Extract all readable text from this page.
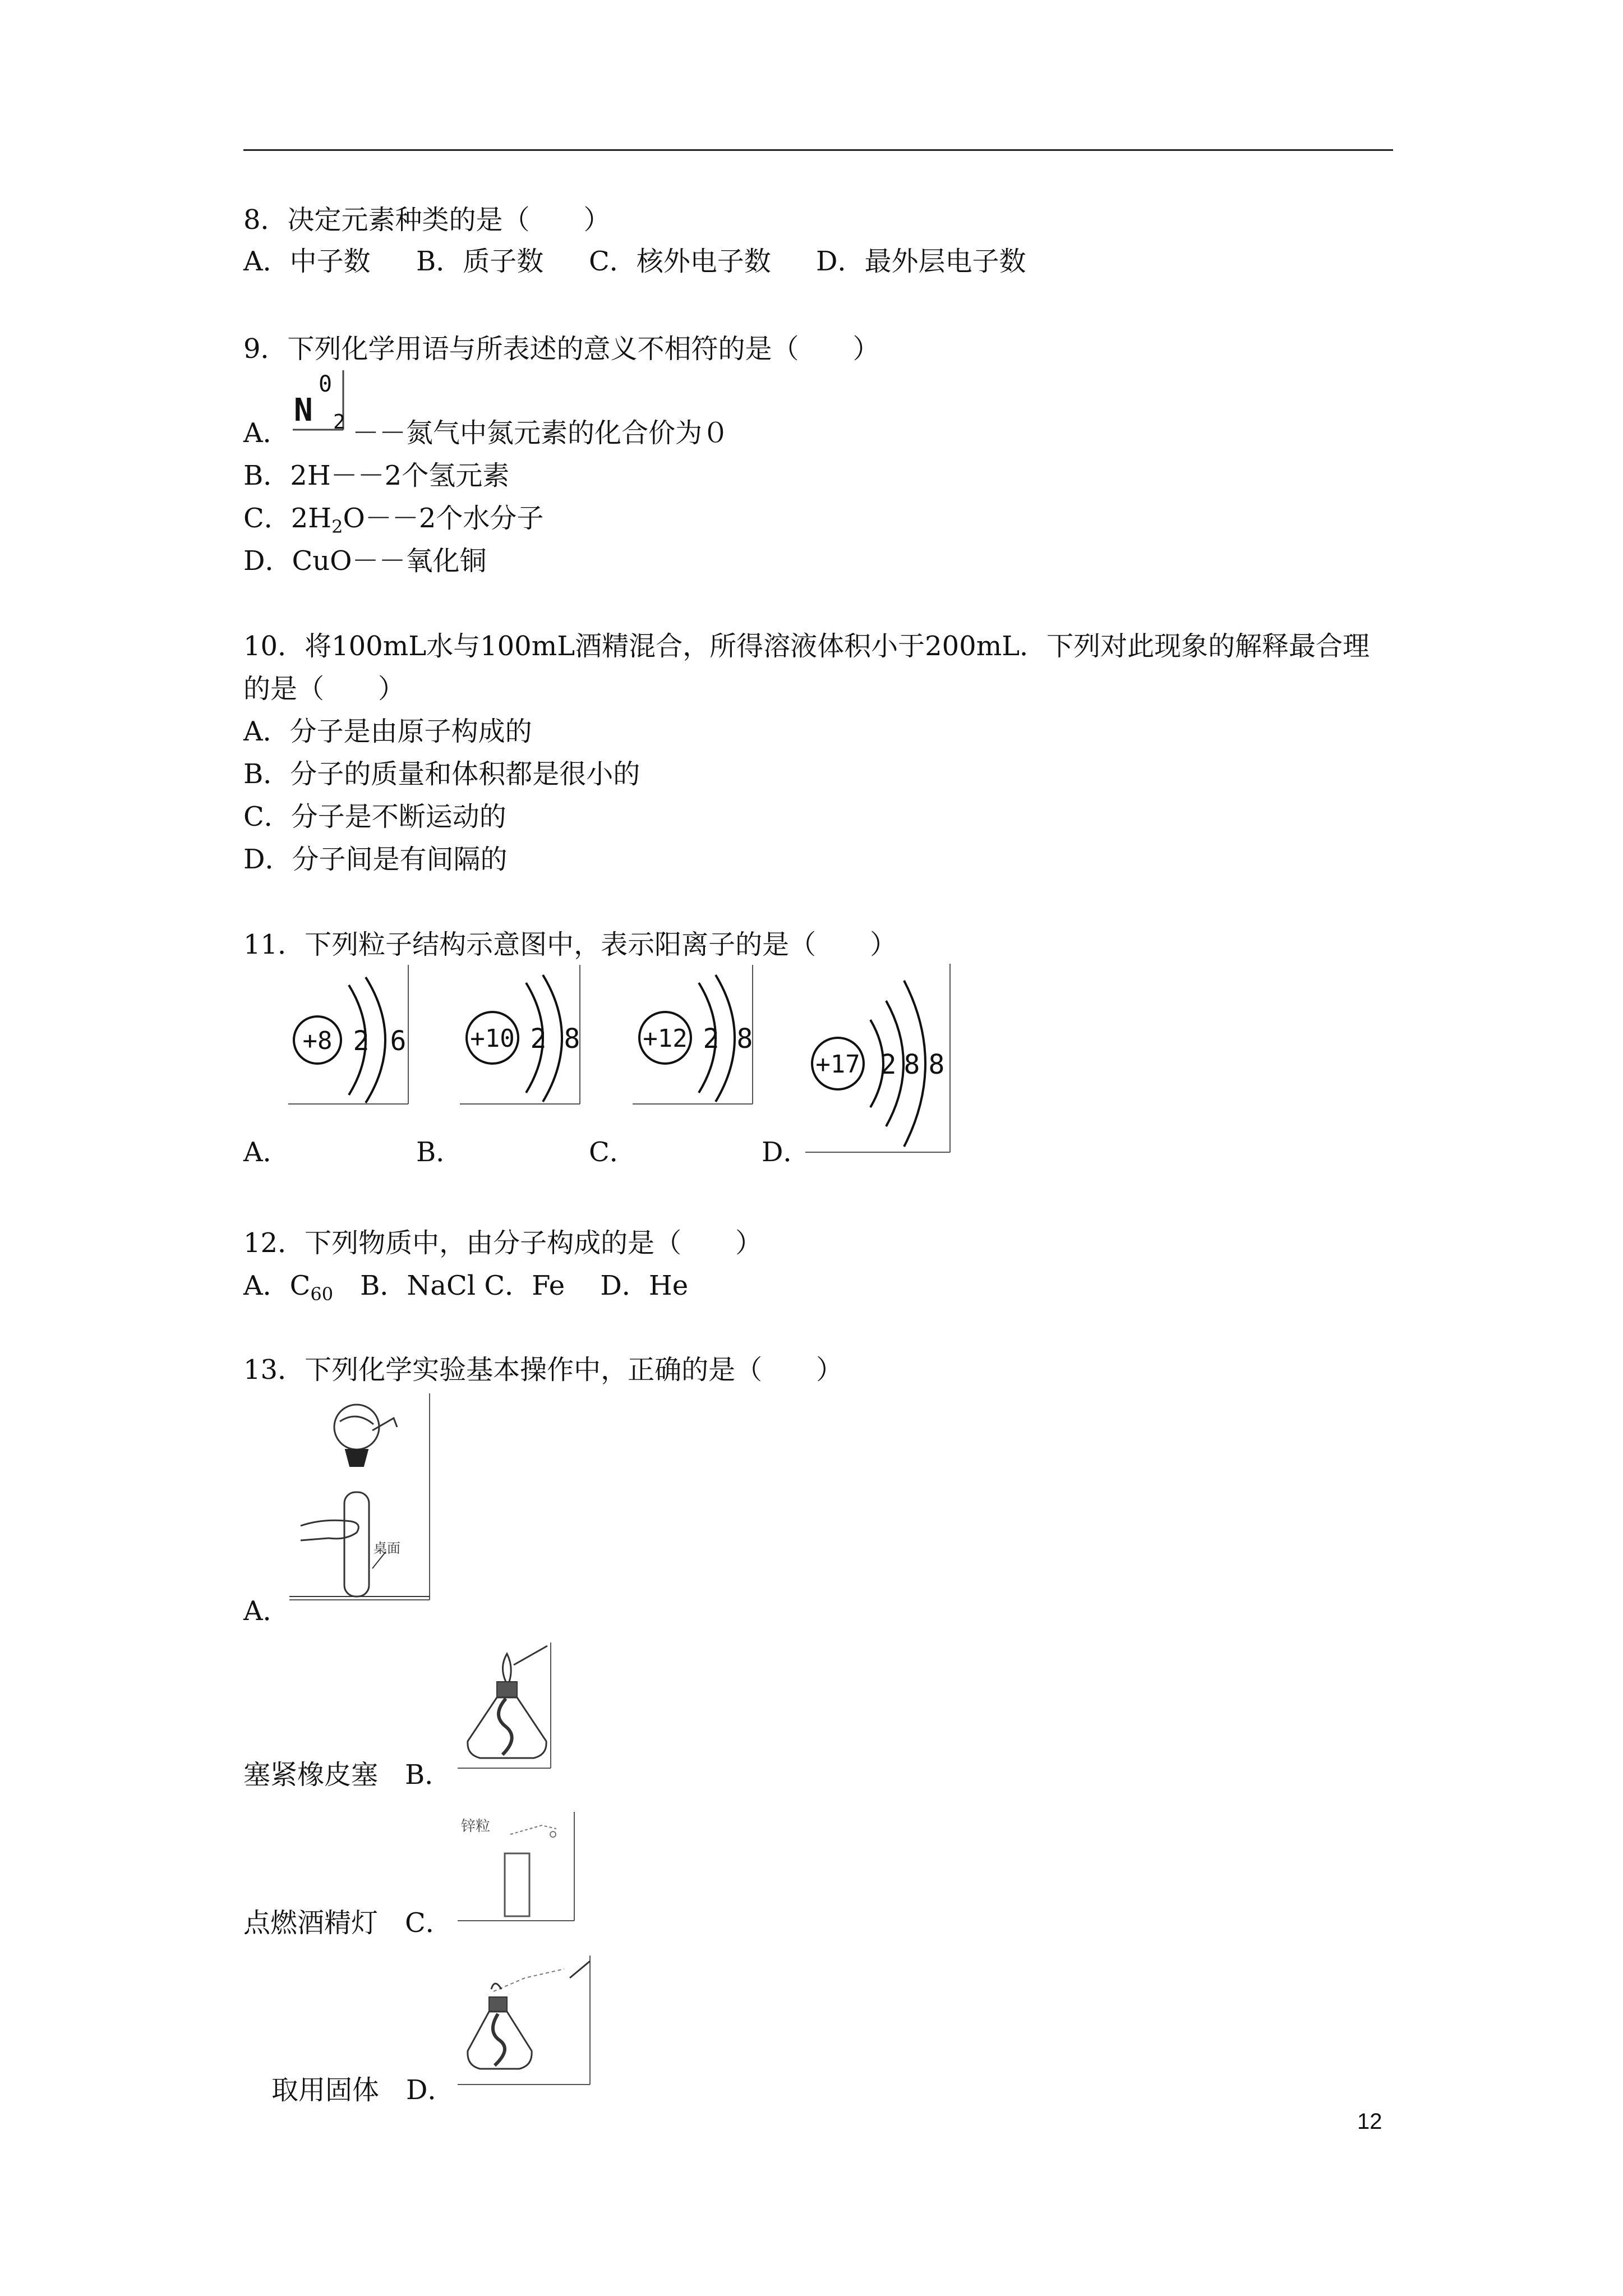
8．决定元素种类的是（　　）
A．中子数 B．质子数 C．核外电子数 D．最外层电子数
9．下列化学用语与所表述的意义不相符的是（　　）
A．
0
N 2 －－氮气中氮元素的化合价为０
B．2H－－2个氢元素
C．$2H_2O--2$个水分子
D．CuO－－氧化铜
10．将100mL水与100mL酒精混合，所得溶液体积小于200mL．下列对此现象的解释最合理
的是（　　）
A．分子是由原子构成的
B．分子的质量和体积都是很小的
C．分子是不断运动的
D．分子间是有间隔的
11．下列粒子结构示意图中，表示阳离子的是（　　）
+8 2 6	+10 2 8	+12 2 8
+17 2 8 8
A．	B．	C．	D．
12．下列物质中，由分子构成的是（　　）
A．$C_{60}$　B．NaCl C．Fe　 D．He
13．下列化学实验基本操作中，正确的是（　　）
桌面
A．
塞紧橡皮塞　B．
锌粒
点燃酒精灯　C．
取用固体　D．
12
